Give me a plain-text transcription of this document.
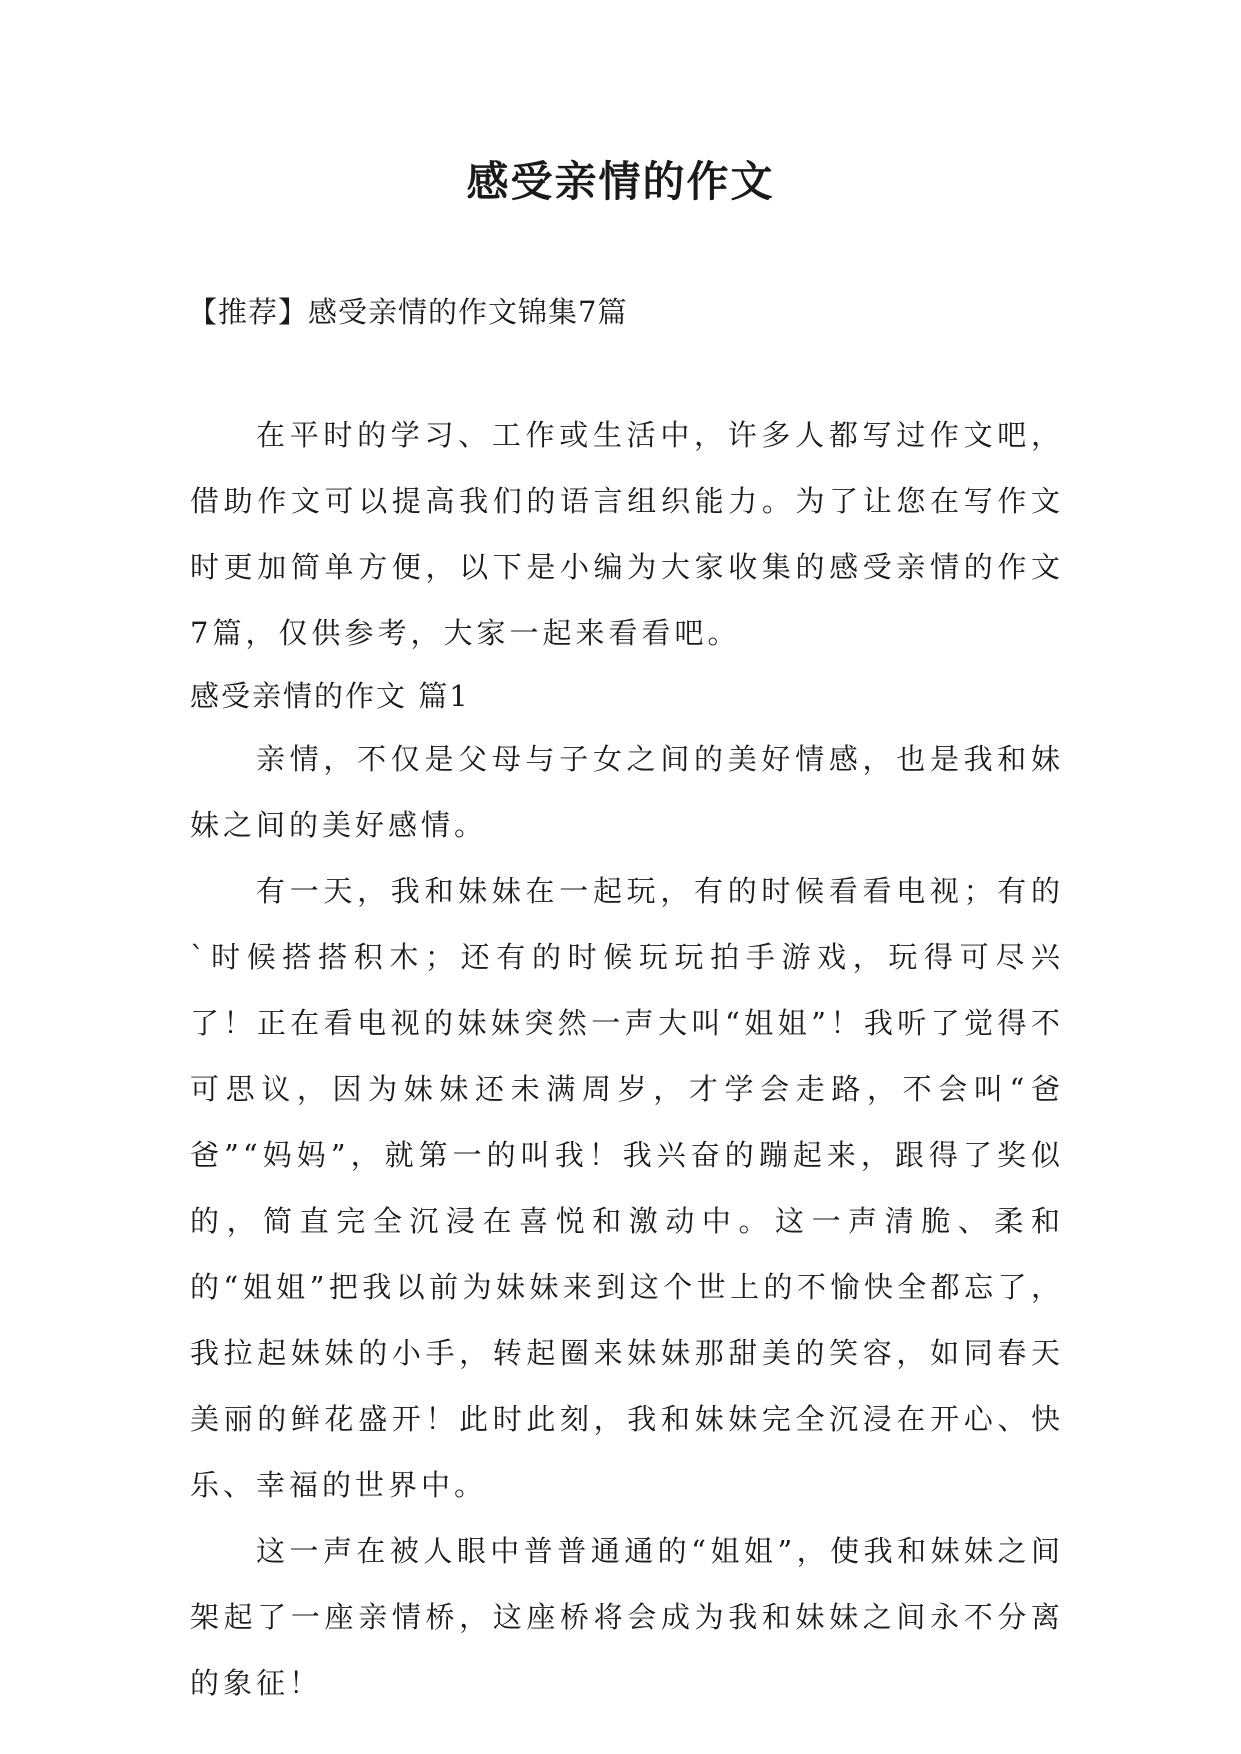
感受亲情的作文
【推荐】感受亲情的作文锦集7篇

在平时的学习、工作或生活中，许多人都写过作文吧，借助作文可以提高我们的语言组织能力。为了让您在写作文时更加简单方便，以下是小编为大家收集的感受亲情的作文7篇，仅供参考，大家一起来看看吧。

感受亲情的作文 篇1

亲情，不仅是父母与子女之间的美好情感，也是我和妹妹之间的美好感情。

有一天，我和妹妹在一起玩，有的时候看看电视；有的`时候搭搭积木；还有的时候玩玩拍手游戏，玩得可尽兴了！正在看电视的妹妹突然一声大叫“姐姐”！我听了觉得不可思议，因为妹妹还未满周岁，才学会走路，不会叫“爸爸”“妈妈”，就第一的叫我！我兴奋的蹦起来，跟得了奖似的，简直完全沉浸在喜悦和激动中。这一声清脆、柔和的“姐姐”把我以前为妹妹来到这个世上的不愉快全都忘了，我拉起妹妹的小手，转起圈来妹妹那甜美的笑容，如同春天美丽的鲜花盛开！此时此刻，我和妹妹完全沉浸在开心、快乐、幸福的世界中。

这一声在被人眼中普普通通的“姐姐”，使我和妹妹之间架起了一座亲情桥，这座桥将会成为我和妹妹之间永不分离的象征！
